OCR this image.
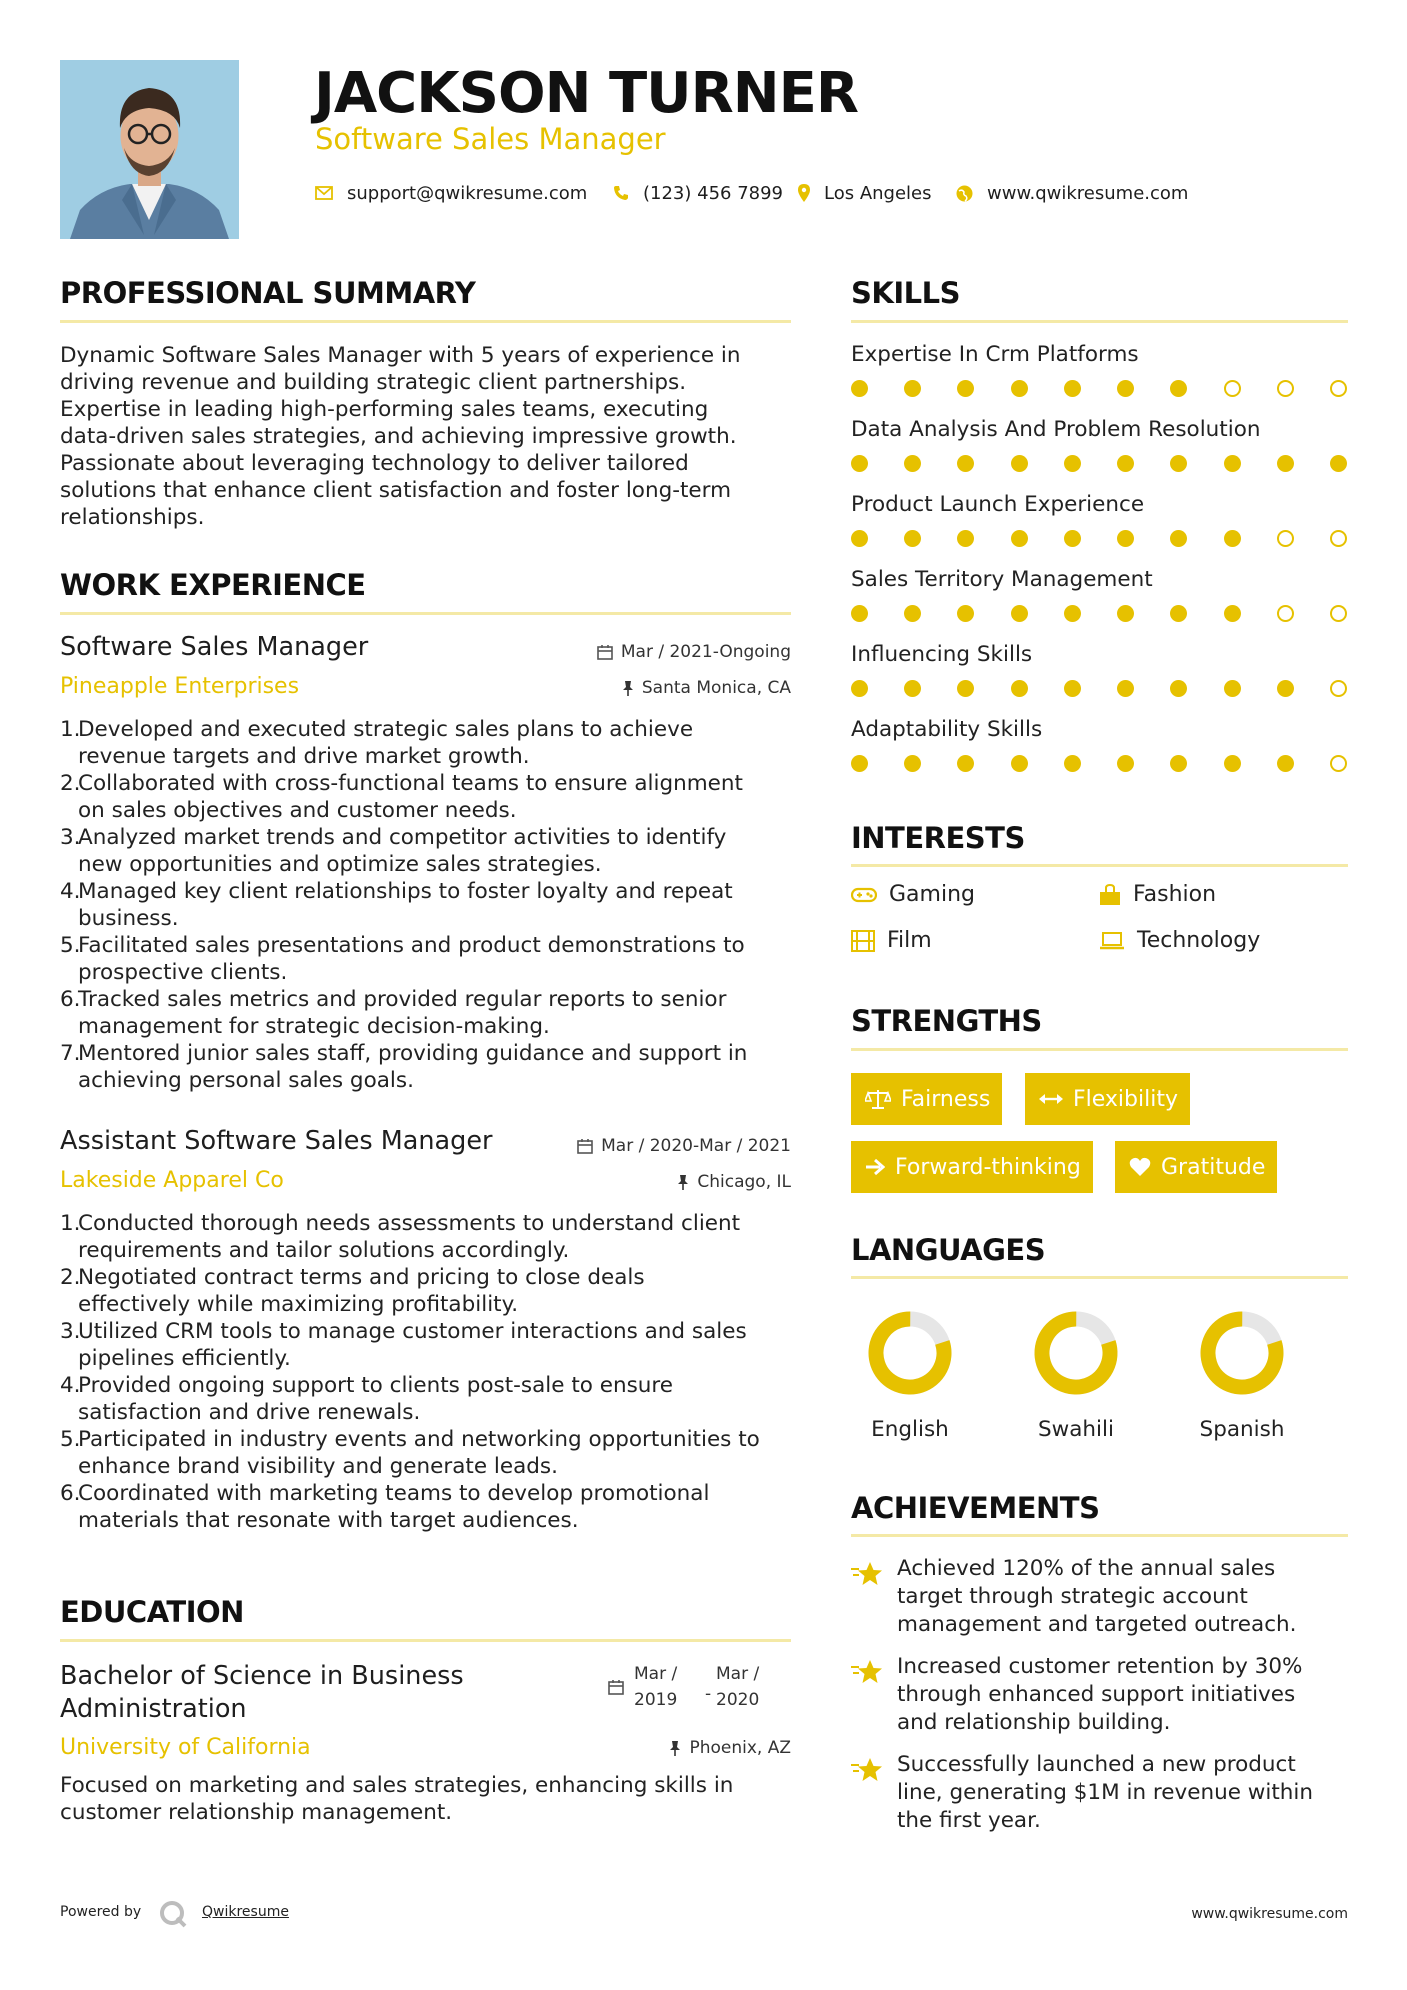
JACKSON TURNER
Software Sales Manager
support@qwikresume.com	(123) 456 7899 Los Angeles	www.qwikresume.com
PROFESSIONAL SUMMARY
Dynamic Software Sales Manager with 5 years of experience in
driving revenue and building strategic client partnerships.
Expertise in leading high-performing sales teams, executing
data-driven sales strategies, and achieving impressive growth.
Passionate about leveraging technology to deliver tailored
solutions that enhance client satisfaction and foster long-term
relationships.
WORK EXPERIENCE
Software Sales Manager	Mar / 2021-Ongoing
Pineapple Enterprises	Santa Monica, CA
1.
Developed and executed strategic sales plans to achieve
revenue targets and drive market growth.
2.
Collaborated with cross-functional teams to ensure alignment
on sales objectives and customer needs.
3.
Analyzed market trends and competitor activities to identify
new opportunities and optimize sales strategies.
4.
Managed key client relationships to foster loyalty and repeat
business.
5.
Facilitated sales presentations and product demonstrations to
prospective clients.
6.
Tracked sales metrics and provided regular reports to senior
management for strategic decision-making.
7.
Mentored junior sales staff, providing guidance and support in
achieving personal sales goals.
Assistant Software Sales Manager	Mar / 2020-Mar / 2021
Lakeside Apparel Co	Chicago, IL
1.
Conducted thorough needs assessments to understand client
requirements and tailor solutions accordingly.
2.
Negotiated contract terms and pricing to close deals
effectively while maximizing profitability.
3.
Utilized CRM tools to manage customer interactions and sales
pipelines efficiently.
4.
Provided ongoing support to clients post-sale to ensure
satisfaction and drive renewals.
5.
Participated in industry events and networking opportunities to
enhance brand visibility and generate leads.
6.
Coordinated with marketing teams to develop promotional
materials that resonate with target audiences.
EDUCATION
Bachelor of Science in Business
Administration
Mar /
2019 -
Mar /
2020
University of California	Phoenix, AZ
Focused on marketing and sales strategies, enhancing skills in
customer relationship management.
SKILLS
Expertise In Crm Platforms
Data Analysis And Problem Resolution
Product Launch Experience
Sales Territory Management
Influencing Skills
Adaptability Skills
INTERESTS
Gaming	Fashion
Film	Technology
STRENGTHS
Fairness	Flexibility
Forward-thinking	Gratitude
LANGUAGES
English	Swahili	Spanish
ACHIEVEMENTS
Achieved 120% of the annual sales
target through strategic account
management and targeted outreach.
Increased customer retention by 30%
through enhanced support initiatives
and relationship building.
Successfully launched a new product
line, generating $1M in revenue within
the first year.
Powered by	Qwikresume	www.qwikresume.com
